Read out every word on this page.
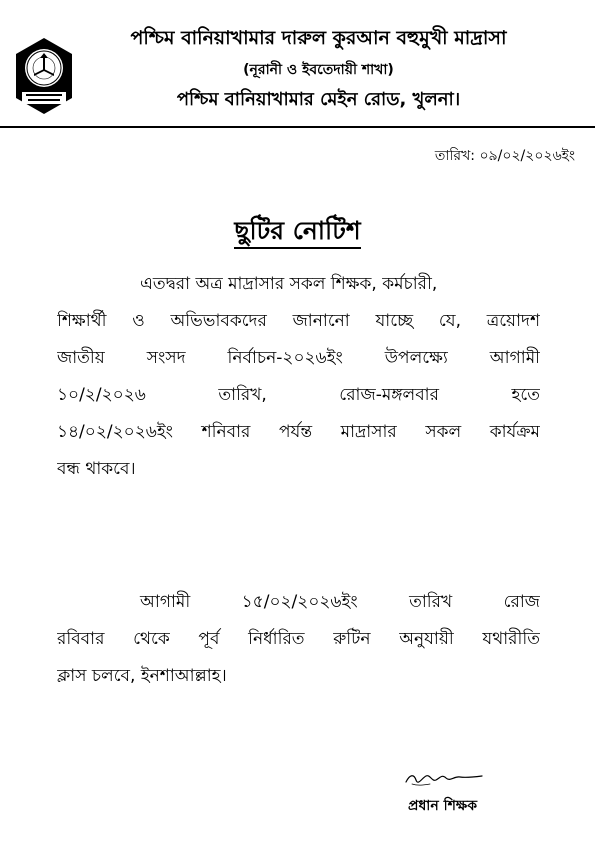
পশ্চিম বানিয়াখামার দারুল কুরআন বহুমুখী মাদ্রাসা
(নূরানী ও ইবতেদায়ী শাখা)
পশ্চিম বানিয়াখামার মেইন রোড, খুলনা।
তারিখ: ০৯/০২/২০২৬ইং
ছুটির নোটিশ
এতদ্বরা অত্র মাদ্রাসার সকল শিক্ষক, কর্মচারী,
শিক্ষার্থী ও অভিভাবকদের জানানো যাচ্ছে যে, ত্রয়োদশ
জাতীয় সংসদ নির্বাচন-২০২৬ইং উপলক্ষ্যে আগামী
১০/২/২০২৬ তারিখ, রোজ-মঙ্গলবার হতে
১৪/০২/২০২৬ইং শনিবার পর্যন্ত মাদ্রাসার সকল কার্যক্রম
বন্ধ থাকবে।
আগামী ১৫/০২/২০২৬ইং তারিখ রোজ
রবিবার থেকে পূর্ব নির্ধারিত রুটিন অনুযায়ী যথারীতি
ক্লাস চলবে, ইনশাআল্লাহ।
প্রধান শিক্ষক
